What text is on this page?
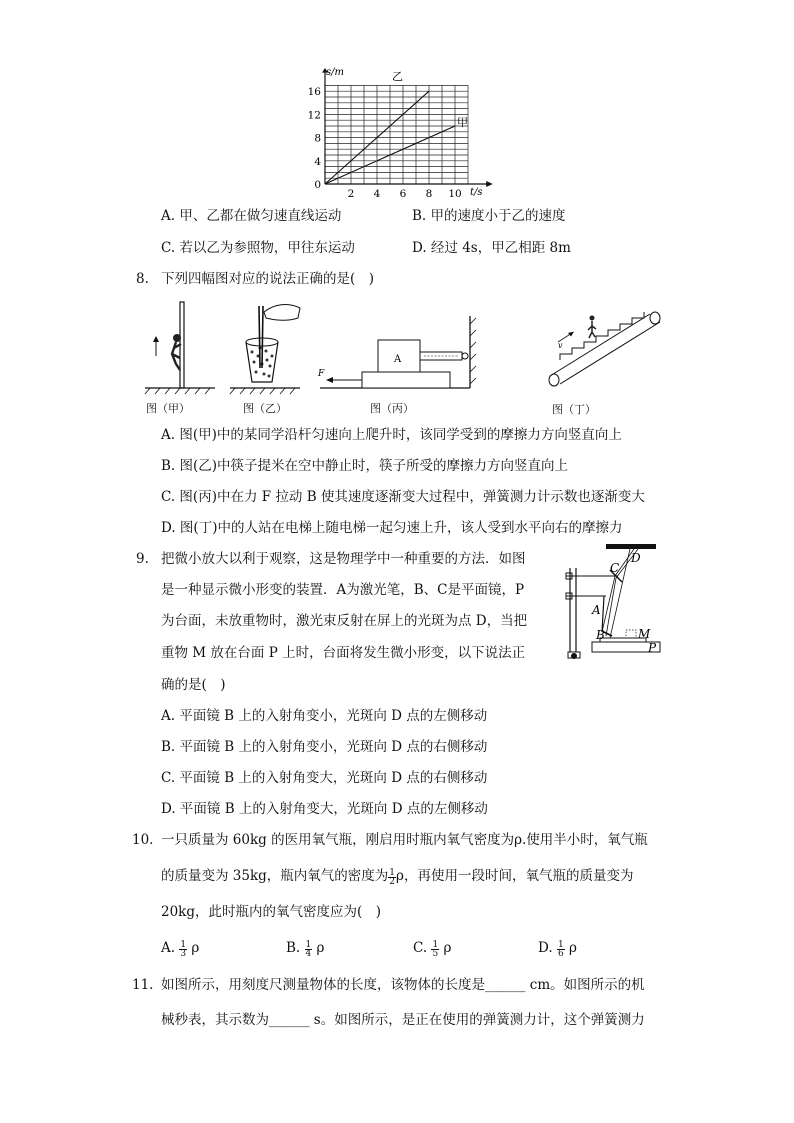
s/m
t/s
16
12
8
4
0
2 4 6 8 10
乙
甲
A. 甲、乙都在做匀速直线运动	B. 甲的速度小于乙的速度
C. 若以乙为参照物，甲往东运动	D. 经过 4s，甲乙相距 8m
8. 下列四幅图对应的说法正确的是(　)
A
F
v
图（甲）	图（乙）	图（丙）	图（丁）
A. 图(甲)中的某同学沿杆匀速向上爬升时，该同学受到的摩擦力方向竖直向上
B. 图(乙)中筷子提米在空中静止时，筷子所受的摩擦力方向竖直向上
C. 图(丙)中在力 F 拉动 B 使其速度逐渐变大过程中，弹簧测力计示数也逐渐变大
D. 图(丁)中的人站在电梯上随电梯一起匀速上升，该人受到水平向右的摩擦力
9. 把微小放大以利于观察，这是物理学中一种重要的方法．如图
是一种显示微小形变的装置．A为激光笔，B、C是平面镜，P
为台面，未放重物时，激光束反射在屏上的光斑为点 D，当把
重物 M 放在台面 P 上时，台面将发生微小形变，以下说法正
确的是(　)
C
D
A
B	M
P
A. 平面镜 B 上的入射角变小，光斑向 D 点的左侧移动
B. 平面镜 B 上的入射角变小，光斑向 D 点的右侧移动
C. 平面镜 B 上的入射角变大，光斑向 D 点的右侧移动
D. 平面镜 B 上的入射角变大，光斑向 D 点的左侧移动
10. 一只质量为 60kg 的医用氧气瓶，刚启用时瓶内氧气密度为ρ.使用半小时，氧气瓶
的质量变为 35kg，瓶内氧气的密度为 $\frac{1}{2}$ ρ，再使用一段时间，氧气瓶的质量变为
20kg，此时瓶内的氧气密度应为(　)
A. $\frac{1}{3}$ ρ	B. $\frac{1}{4}$ ρ	C. $\frac{1}{5}$ ρ	D. $\frac{1}{6}$ ρ
11. 如图所示，用刻度尺测量物体的长度，该物体的长度是______ cm。如图所示的机
械秒表，其示数为______ s。如图所示，是正在使用的弹簧测力计，这个弹簧测力
